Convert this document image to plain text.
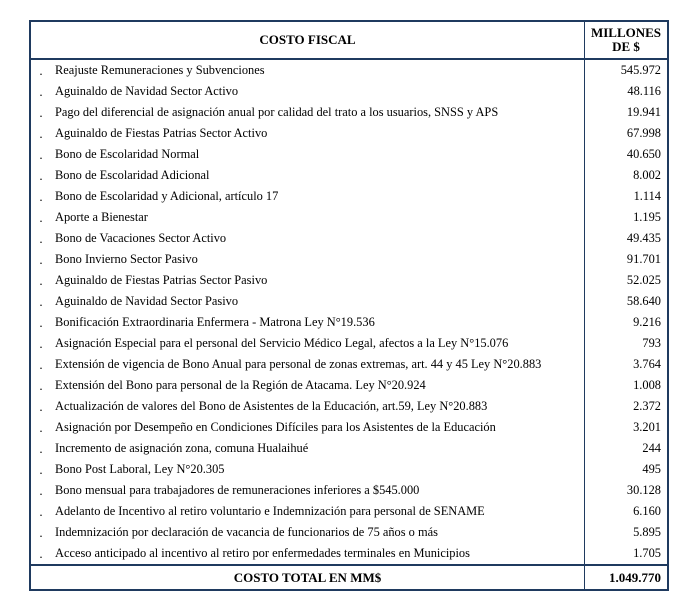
COSTO FISCAL	MILLONES
DE $
. Reajuste Remuneraciones y Subvenciones	545.972
. Aguinaldo de Navidad Sector Activo	48.116
. Pago del diferencial de asignación anual por calidad del trato a los usuarios, SNSS y APS	19.941
. Aguinaldo de Fiestas Patrias Sector Activo	67.998
. Bono de Escolaridad Normal	40.650
. Bono de Escolaridad Adicional	8.002
. Bono de Escolaridad y Adicional, artículo 17	1.114
. Aporte a Bienestar	1.195
. Bono de Vacaciones Sector Activo	49.435
. Bono Invierno Sector Pasivo	91.701
. Aguinaldo de Fiestas Patrias Sector Pasivo	52.025
. Aguinaldo de Navidad Sector Pasivo	58.640
. Bonificación Extraordinaria Enfermera - Matrona Ley N°19.536	9.216
. Asignación Especial para el personal del Servicio Médico Legal, afectos a la Ley N°15.076	793
. Extensión de vigencia de Bono Anual para personal de zonas extremas, art. 44 y 45 Ley N°20.883	3.764
. Extensión del Bono para personal de la Región de Atacama. Ley N°20.924	1.008
. Actualización de valores del Bono de Asistentes de la Educación, art.59, Ley N°20.883	2.372
. Asignación por Desempeño en Condiciones Difíciles para los Asistentes de la Educación	3.201
. Incremento de asignación zona, comuna Hualaihué	244
. Bono Post Laboral, Ley N°20.305	495
. Bono mensual para trabajadores de remuneraciones inferiores a $545.000	30.128
. Adelanto de Incentivo al retiro voluntario e Indemnización para personal de SENAME	6.160
. Indemnización por declaración de vacancia de funcionarios de 75 años o más	5.895
. Acceso anticipado al incentivo al retiro por enfermedades terminales en Municipios	1.705
COSTO TOTAL EN MM$	1.049.770
